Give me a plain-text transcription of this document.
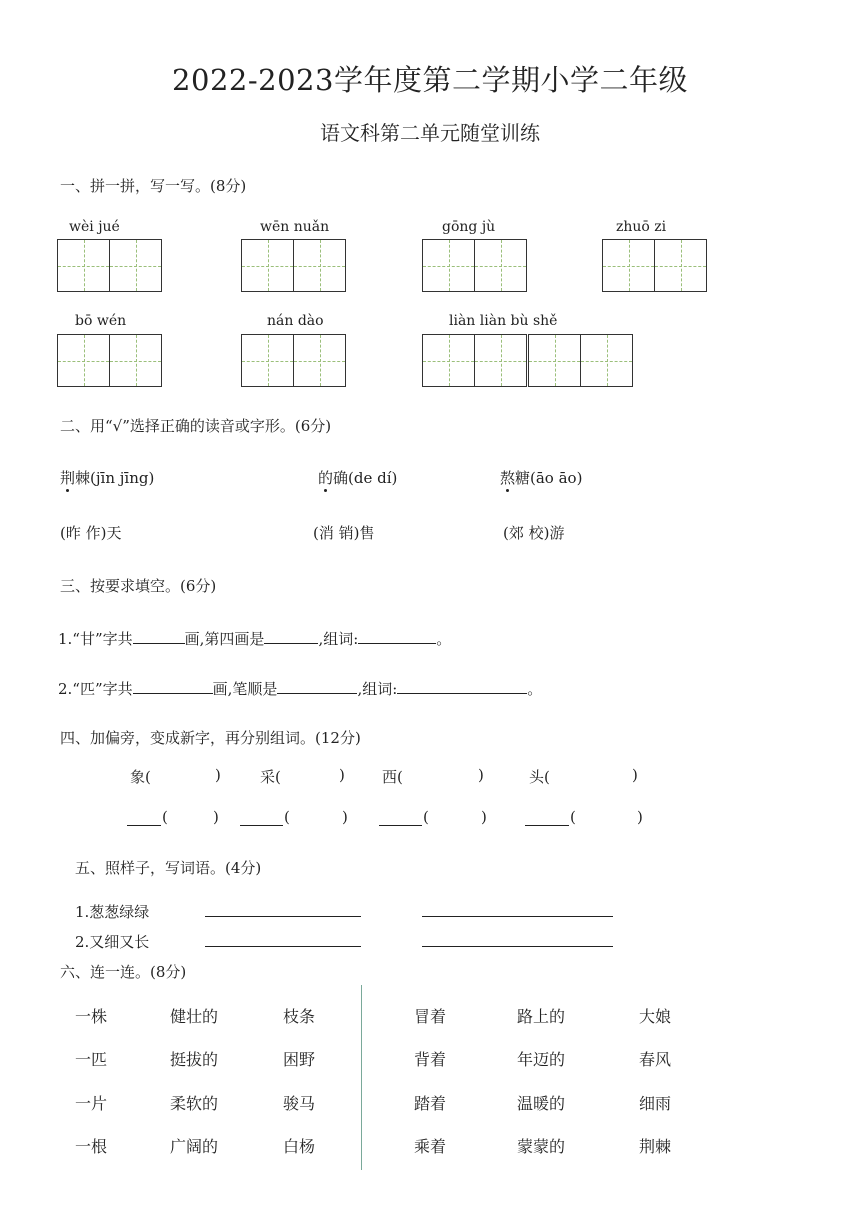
2022-2023学年度第二学期小学二年级
语文科第二单元随堂训练
一、拼一拼，写一写。(8分)
wèi jué	wēn nuǎn	gōng jù	zhuō zi
bō wén	nán dào	liàn liàn bù shě
二、用“√”选择正确的读音或字形。(6分)
荆棘(jīn jīng)	的确(de dí)	熬糖(āo āo)
(昨 作)天	(消 销)售	(郊 校)游
三、按要求填空。(6分)
1.“甘”字共	画,第四画是	,组词:	。
2.“匹”字共	画,笔顺是	,组词:	。
四、加偏旁，变成新字，再分别组词。(12分)
象(	)	采(	) 西(	)	头(	)
(	)	(	)	(	)	(	)
五、照样子，写词语。(4分)
1.葱葱绿绿
2.又细又长
六、连一连。(8分)
一株	健壮的	枝条	冒着	路上的	大娘
一匹	挺拔的	困野	背着	年迈的	春风
一片	柔软的	骏马	踏着	温暖的	细雨
一根	广阔的	白杨	乘着	蒙蒙的	荆棘
